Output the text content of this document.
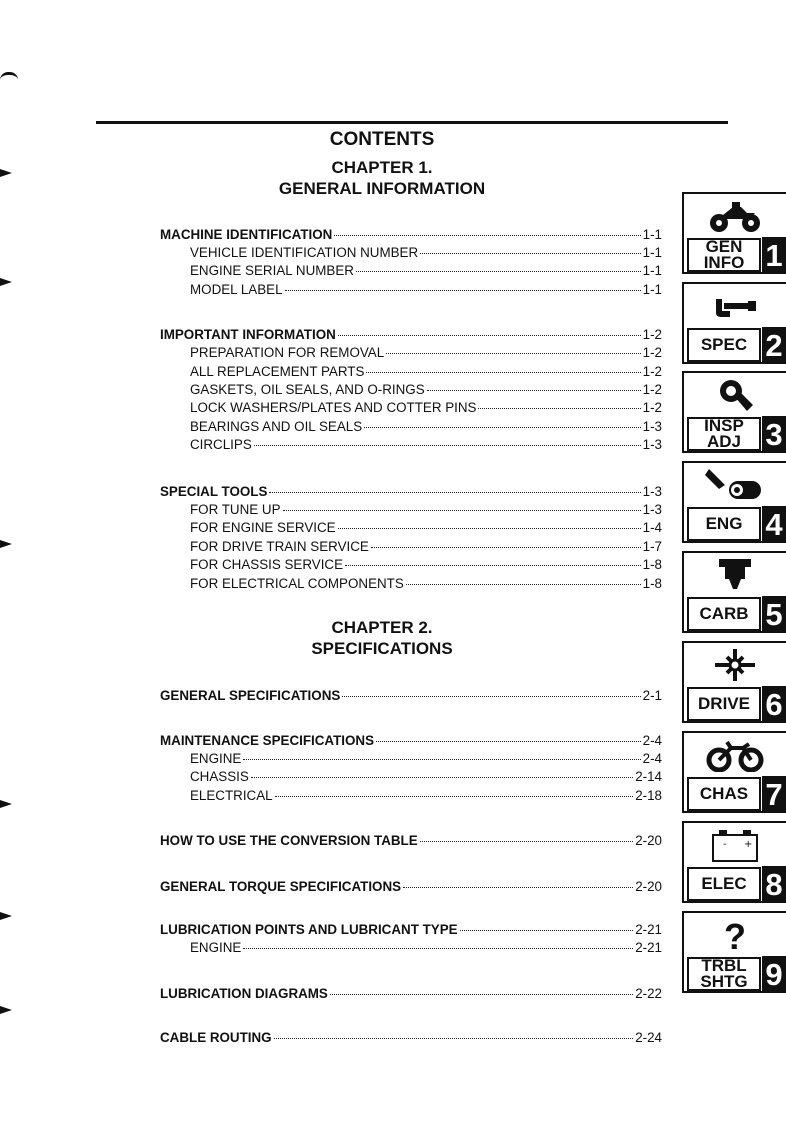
CONTENTS
CHAPTER 1.
GENERAL INFORMATION
CHAPTER 2.
SPECIFICATIONS
MACHINE IDENTIFICATION	1-1
VEHICLE IDENTIFICATION NUMBER	1-1
ENGINE SERIAL NUMBER	1-1
MODEL LABEL	1-1
IMPORTANT INFORMATION	1-2
PREPARATION FOR REMOVAL	1-2
ALL REPLACEMENT PARTS	1-2
GASKETS, OIL SEALS, AND O-RINGS	1-2
LOCK WASHERS/PLATES AND COTTER PINS	1-2
BEARINGS AND OIL SEALS	1-3
CIRCLIPS	1-3
SPECIAL TOOLS	1-3
FOR TUNE UP	1-3
FOR ENGINE SERVICE	1-4
FOR DRIVE TRAIN SERVICE	1-7
FOR CHASSIS SERVICE	1-8
FOR ELECTRICAL COMPONENTS	1-8
GENERAL SPECIFICATIONS	2-1
MAINTENANCE SPECIFICATIONS	2-4
ENGINE	2-4
CHASSIS	2-14
ELECTRICAL	2-18
HOW TO USE THE CONVERSION TABLE	2-20
GENERAL TORQUE SPECIFICATIONS	2-20
LUBRICATION POINTS AND LUBRICANT TYPE	2-21
ENGINE	2-21
LUBRICATION DIAGRAMS	2-22
CABLE ROUTING	2-24
GEN
INFO 1
SPEC 2
INSP
ADJ 3
ENG 4
CARB 5
DRIVE 6
CHAS 7
- +
ELEC 8
?
TRBL
SHTG 9
